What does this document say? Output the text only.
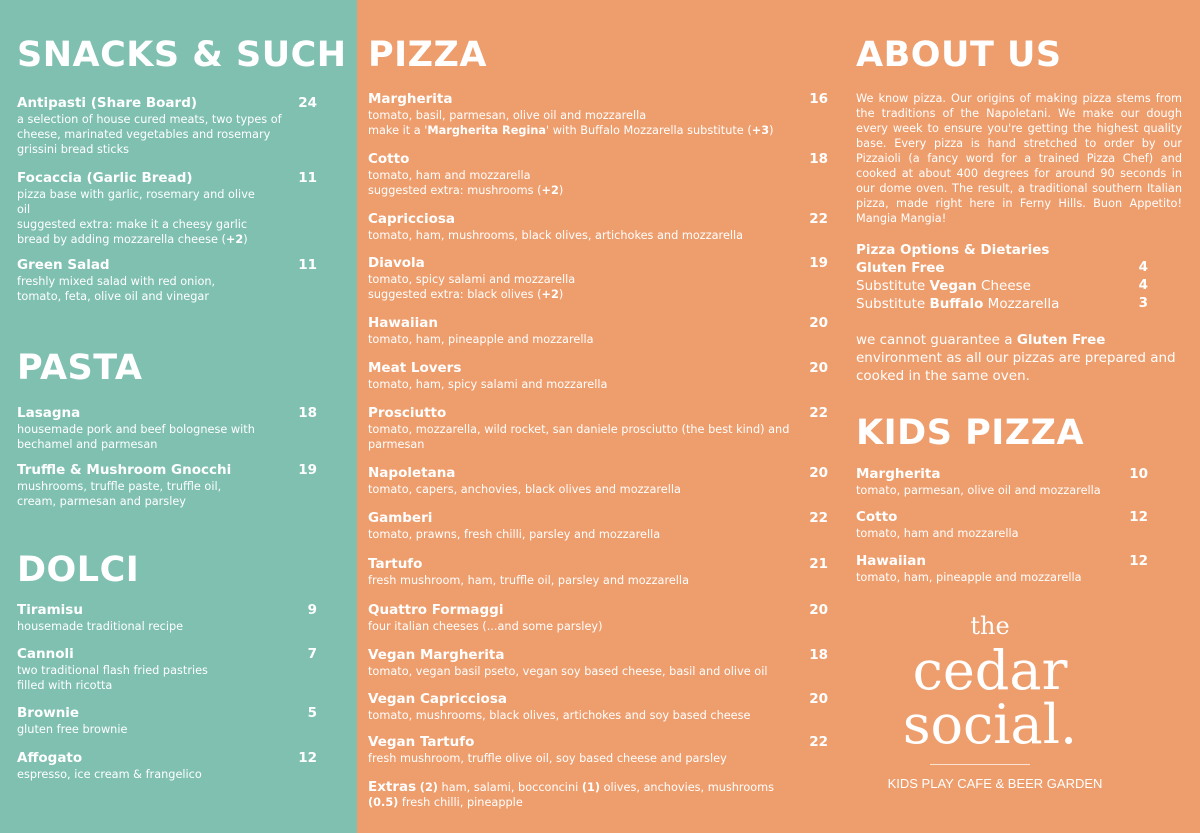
SNACKS & SUCH
Antipasti (Share Board)	24
a selection of house cured meats, two types of cheese, marinated vegetables and rosemary grissini bread sticks
Focaccia (Garlic Bread)	11
pizza base with garlic, rosemary and olive oil
suggested extra: make it a cheesy garlic bread by adding mozzarella cheese (+2)
Green Salad	11
freshly mixed salad with red onion, tomato, feta, olive oil and vinegar
PASTA
Lasagna	18
housemade pork and beef bolognese with bechamel and parmesan
Truffle & Mushroom Gnocchi	19
mushrooms, truffle paste, truffle oil, cream, parmesan and parsley
DOLCI
Tiramisu	9
housemade traditional recipe
Cannoli	7
two traditional flash fried pastries filled with ricotta
Brownie	5
gluten free brownie
Affogato	12
espresso, ice cream & frangelico
PIZZA
Margherita	16
tomato, basil, parmesan, olive oil and mozzarella
make it a 'Margherita Regina' with Buffalo Mozzarella substitute (+3)
Cotto	18
tomato, ham and mozzarella
suggested extra: mushrooms (+2)
Capricciosa	22
tomato, ham, mushrooms, black olives, artichokes and mozzarella
Diavola	19
tomato, spicy salami and mozzarella
suggested extra: black olives (+2)
Hawaiian	20
tomato, ham, pineapple and mozzarella
Meat Lovers	20
tomato, ham, spicy salami and mozzarella
Prosciutto	22
tomato, mozzarella, wild rocket, san daniele prosciutto (the best kind) and parmesan
Napoletana	20
tomato, capers, anchovies, black olives and mozzarella
Gamberi	22
tomato, prawns, fresh chilli, parsley and mozzarella
Tartufo	21
fresh mushroom, ham, truffle oil, parsley and mozzarella
Quattro Formaggi	20
four italian cheeses (...and some parsley)
Vegan Margherita	18
tomato, vegan basil pseto, vegan soy based cheese, basil and olive oil
Vegan Capricciosa	20
tomato, mushrooms, black olives, artichokes and soy based cheese
Vegan Tartufo	22
fresh mushroom, truffle olive oil, soy based cheese and parsley
Extras (2) ham, salami, bocconcini (1) olives, anchovies, mushrooms
(0.5) fresh chilli, pineapple
ABOUT US
We know pizza. Our origins of making pizza stems from the traditions of the Napoletani. We make our dough every week to ensure you're getting the highest quality base. Every pizza is hand stretched to order by our Pizzaioli (a fancy word for a trained Pizza Chef) and cooked at about 400 degrees for around 90 seconds in our dome oven. The result, a traditional southern Italian pizza, made right here in Ferny Hills. Buon Appetito! Mangia Mangia!
Pizza Options & Dietaries
Gluten Free	4
Substitute Vegan Cheese	4
Substitute Buffalo Mozzarella	3
we cannot guarantee a Gluten Free environment as all our pizzas are prepared and cooked in the same oven.
KIDS PIZZA
Margherita	10
tomato, parmesan, olive oil and mozzarella
Cotto	12
tomato, ham and mozzarella
Hawaiian	12
tomato, ham, pineapple and mozzarella
the
cedar
social.
KIDS PLAY CAFE & BEER GARDEN
